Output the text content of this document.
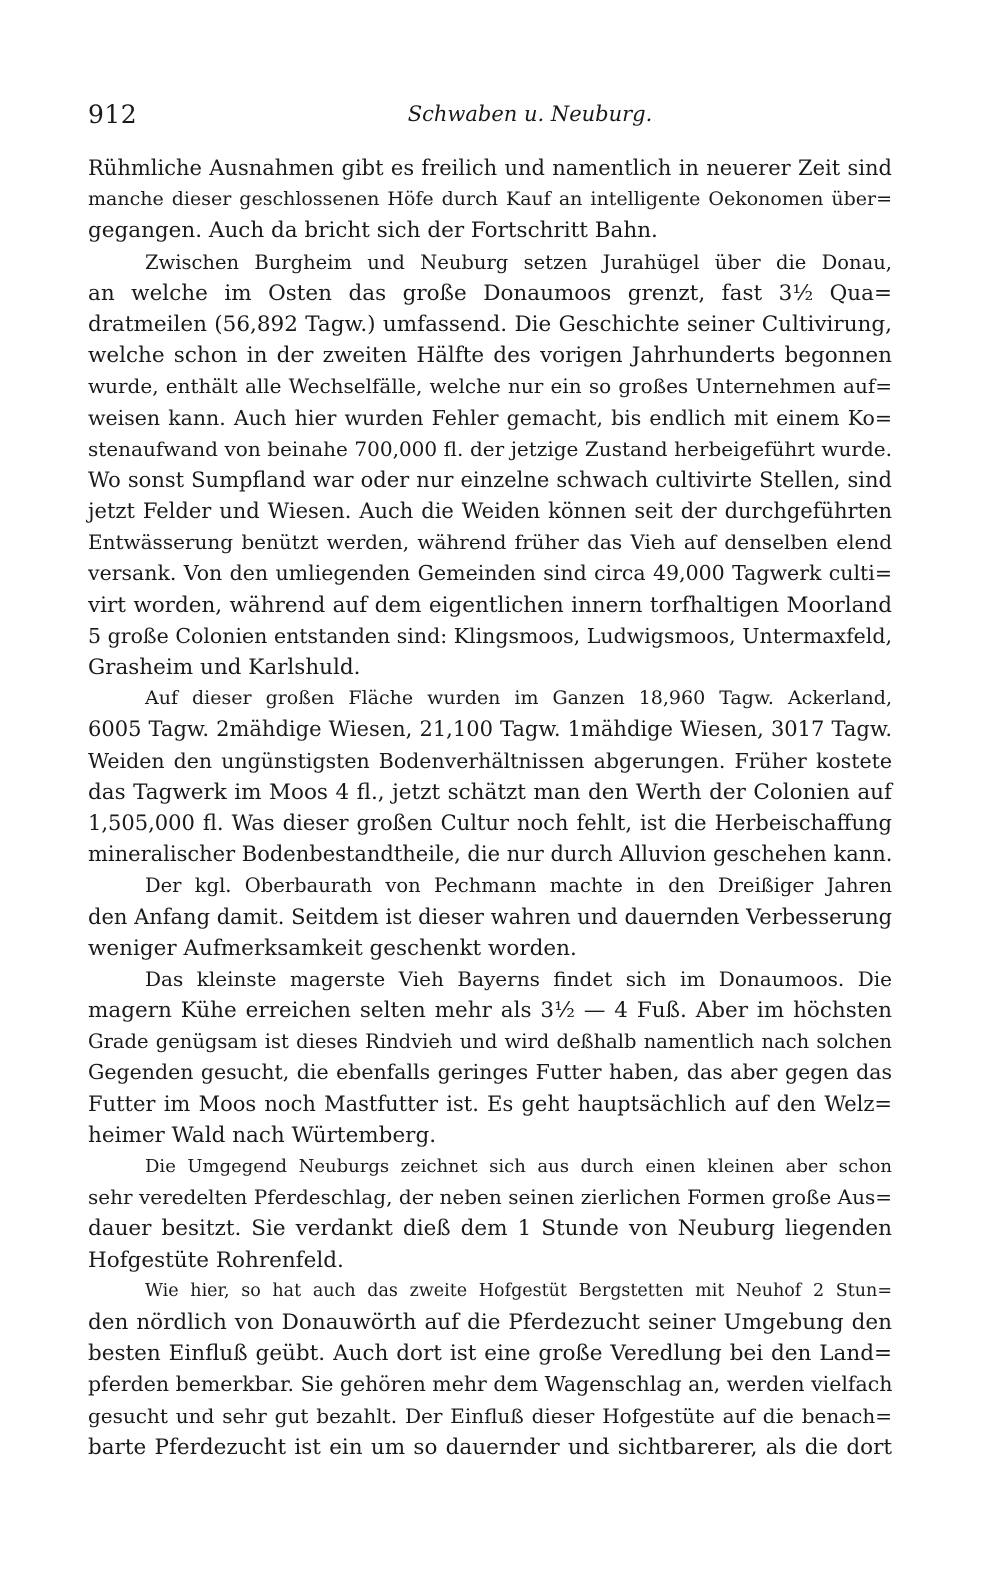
912	Schwaben u. Neuburg.
Rühmliche Ausnahmen gibt es freilich und namentlich in neuerer Zeit sind
manche dieser geschlossenen Höfe durch Kauf an intelligente Oekonomen über=
gegangen. Auch da bricht sich der Fortschritt Bahn.
Zwischen Burgheim und Neuburg setzen Jurahügel über die Donau,
an welche im Osten das große Donaumoos grenzt, fast 3½ Qua=
dratmeilen (56,892 Tagw.) umfassend. Die Geschichte seiner Cultivirung,
welche schon in der zweiten Hälfte des vorigen Jahrhunderts begonnen
wurde, enthält alle Wechselfälle, welche nur ein so großes Unternehmen auf=
weisen kann. Auch hier wurden Fehler gemacht, bis endlich mit einem Ko=
stenaufwand von beinahe 700,000 fl. der jetzige Zustand herbeigeführt wurde.
Wo sonst Sumpfland war oder nur einzelne schwach cultivirte Stellen, sind
jetzt Felder und Wiesen. Auch die Weiden können seit der durchgeführten
Entwässerung benützt werden, während früher das Vieh auf denselben elend
versank. Von den umliegenden Gemeinden sind circa 49,000 Tagwerk culti=
virt worden, während auf dem eigentlichen innern torfhaltigen Moorland
5 große Colonien entstanden sind: Klingsmoos, Ludwigsmoos, Untermaxfeld,
Grasheim und Karlshuld.
Auf dieser großen Fläche wurden im Ganzen 18,960 Tagw. Ackerland,
6005 Tagw. 2mähdige Wiesen, 21,100 Tagw. 1mähdige Wiesen, 3017 Tagw.
Weiden den ungünstigsten Bodenverhältnissen abgerungen. Früher kostete
das Tagwerk im Moos 4 fl., jetzt schätzt man den Werth der Colonien auf
1,505,000 fl. Was dieser großen Cultur noch fehlt, ist die Herbeischaffung
mineralischer Bodenbestandtheile, die nur durch Alluvion geschehen kann.
Der kgl. Oberbaurath von Pechmann machte in den Dreißiger Jahren
den Anfang damit. Seitdem ist dieser wahren und dauernden Verbesserung
weniger Aufmerksamkeit geschenkt worden.
Das kleinste magerste Vieh Bayerns findet sich im Donaumoos. Die
magern Kühe erreichen selten mehr als 3½ — 4 Fuß. Aber im höchsten
Grade genügsam ist dieses Rindvieh und wird deßhalb namentlich nach solchen
Gegenden gesucht, die ebenfalls geringes Futter haben, das aber gegen das
Futter im Moos noch Mastfutter ist. Es geht hauptsächlich auf den Welz=
heimer Wald nach Würtemberg.
Die Umgegend Neuburgs zeichnet sich aus durch einen kleinen aber schon
sehr veredelten Pferdeschlag, der neben seinen zierlichen Formen große Aus=
dauer besitzt. Sie verdankt dieß dem 1 Stunde von Neuburg liegenden
Hofgestüte Rohrenfeld.
Wie hier, so hat auch das zweite Hofgestüt Bergstetten mit Neuhof 2 Stun=
den nördlich von Donauwörth auf die Pferdezucht seiner Umgebung den
besten Einfluß geübt. Auch dort ist eine große Veredlung bei den Land=
pferden bemerkbar. Sie gehören mehr dem Wagenschlag an, werden vielfach
gesucht und sehr gut bezahlt. Der Einfluß dieser Hofgestüte auf die benach=
barte Pferdezucht ist ein um so dauernder und sichtbarerer, als die dort
